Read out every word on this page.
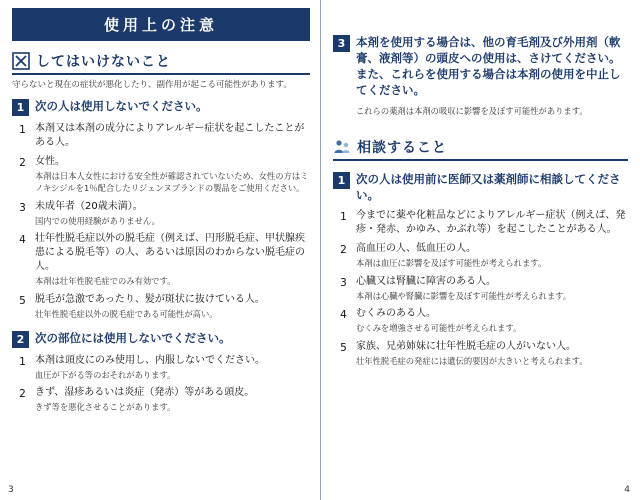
使用上の注意
してはいけないこと
守らないと現在の症状が悪化したり、副作用が起こる可能性があります。
1 次の人は使用しないでください。
1 本剤又は本剤の成分によりアレルギー症状を起こしたことがある人。
2 女性。
本剤は日本人女性における安全性が確認されていないため、女性の方はミノキシジルを1％配合したリジェンヌブランドの製品をご使用ください。
3 未成年者（20歳未満）。
国内での使用経験がありません。
4 壮年性脱毛症以外の脱毛症（例えば、円形脱毛症、甲状腺疾患による脱毛等）の人、あるいは原因のわからない脱毛症の人。
本剤は壮年性脱毛症でのみ有効です。
5 脱毛が急激であったり、髪が斑状に抜けている人。
壮年性脱毛症以外の脱毛症である可能性が高い。
2 次の部位には使用しないでください。
1 本剤は頭皮にのみ使用し、内服しないでください。
血圧が下がる等のおそれがあります。
2 きず、湿疹あるいは炎症（発赤）等がある頭皮。
きず等を悪化させることがあります。
3
3 本剤を使用する場合は、他の育毛剤及び外用剤（軟膏、液剤等）の頭皮への使用は、さけてください。また、これらを使用する場合は本剤の使用を中止してください。
これらの薬剤は本剤の吸収に影響を及ぼす可能性があります。
相談すること
1 次の人は使用前に医師又は薬剤師に相談してください。
1 今までに薬や化粧品などによりアレルギー症状（例えば、発疹・発赤、かゆみ、かぶれ等）を起こしたことがある人。
2 高血圧の人、低血圧の人。
本剤は血圧に影響を及ぼす可能性が考えられます。
3 心臓又は腎臓に障害のある人。
本剤は心臓や腎臓に影響を及ぼす可能性が考えられます。
4 むくみのある人。
むくみを増強させる可能性が考えられます。
5 家族、兄弟姉妹に壮年性脱毛症の人がいない人。
壮年性脱毛症の発症には遺伝的要因が大きいと考えられます。
4
